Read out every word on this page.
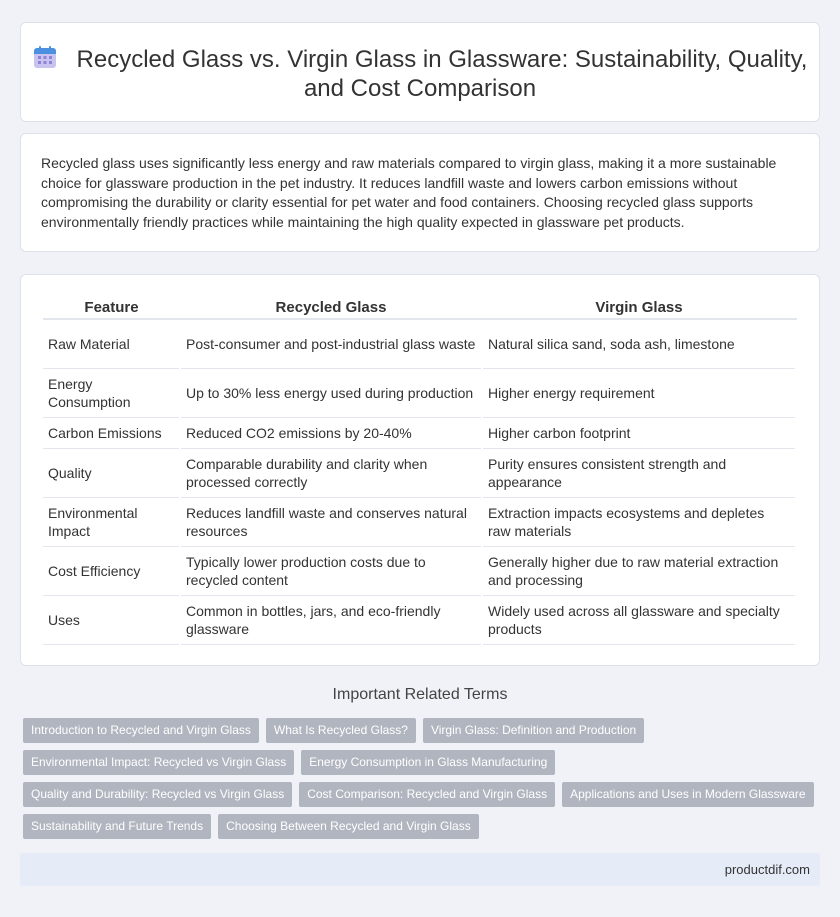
Recycled Glass vs. Virgin Glass in Glassware: Sustainability, Quality, and Cost Comparison

Recycled glass uses significantly less energy and raw materials compared to virgin glass, making it a more sustainable choice for glassware production in the pet industry. It reduces landfill waste and lowers carbon emissions without compromising the durability or clarity essential for pet water and food containers. Choosing recycled glass supports environmentally friendly practices while maintaining the high quality expected in glassware pet products.

Feature	Recycled Glass	Virgin Glass
Raw Material	Post-consumer and post-industrial glass waste	Natural silica sand, soda ash, limestone
Energy Consumption	Up to 30% less energy used during production	Higher energy requirement
Carbon Emissions	Reduced CO2 emissions by 20-40%	Higher carbon footprint
Quality	Comparable durability and clarity when processed correctly	Purity ensures consistent strength and appearance
Environmental Impact	Reduces landfill waste and conserves natural resources	Extraction impacts ecosystems and depletes raw materials
Cost Efficiency	Typically lower production costs due to recycled content	Generally higher due to raw material extraction and processing
Uses	Common in bottles, jars, and eco-friendly glassware	Widely used across all glassware and specialty products
Important Related Terms
Introduction to Recycled and Virgin Glass	What Is Recycled Glass?	Virgin Glass: Definition and Production
Environmental Impact: Recycled vs Virgin Glass	Energy Consumption in Glass Manufacturing
Quality and Durability: Recycled vs Virgin Glass	Cost Comparison: Recycled and Virgin Glass	Applications and Uses in Modern Glassware
Sustainability and Future Trends	Choosing Between Recycled and Virgin Glass
productdif.com
